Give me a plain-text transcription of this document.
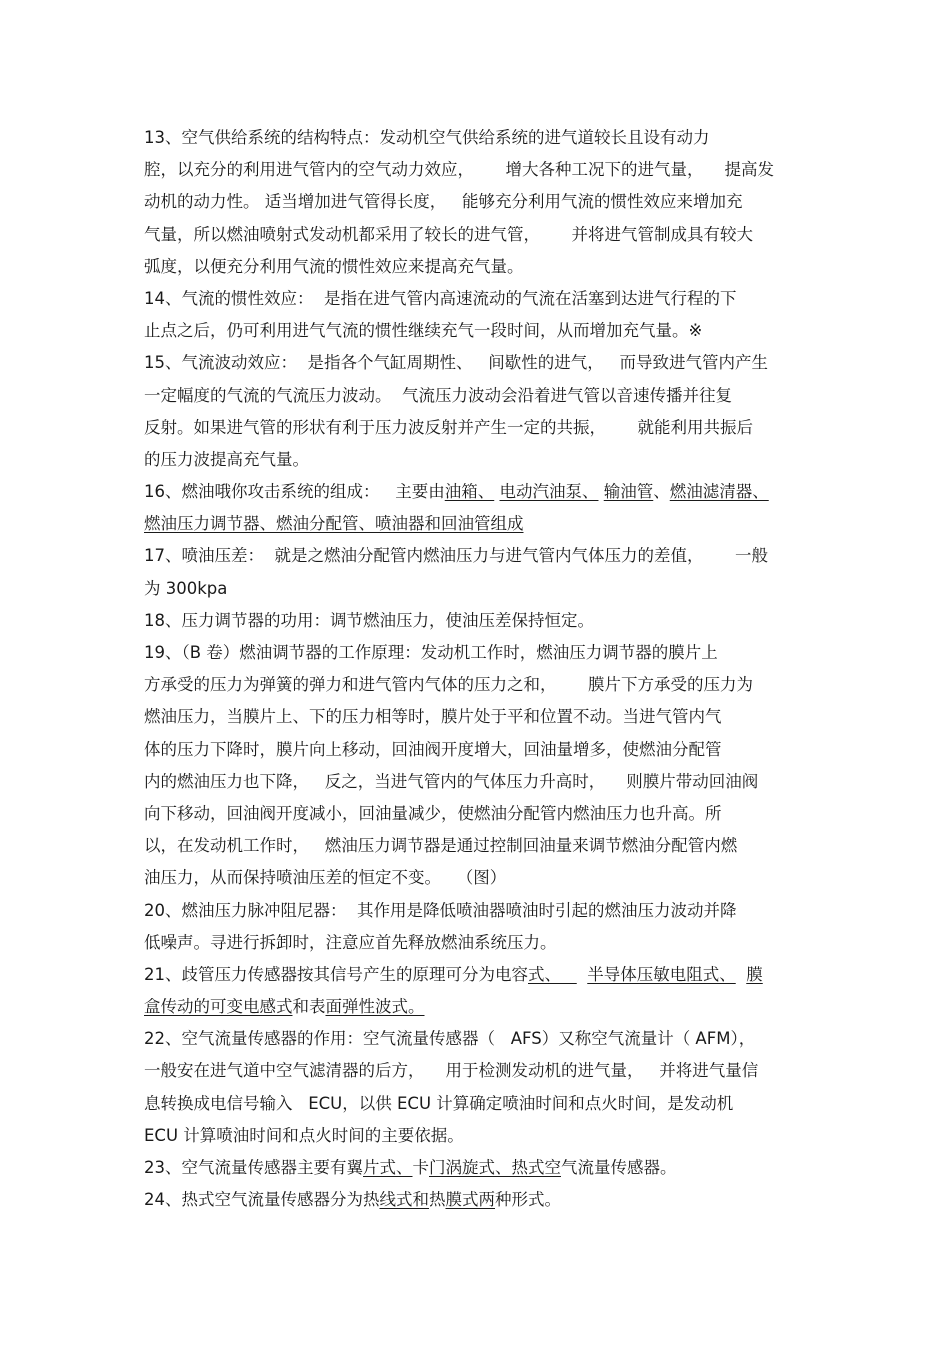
13、空气供给系统的结构特点：发动机空气供给系统的进气道较长且设有动力
腔，以充分的利用进气管内的空气动力效应，      增大各种工况下的进气量，    提高发
动机的动力性。 适当增加进气管得长度，   能够充分利用气流的惯性效应来增加充
气量，所以燃油喷射式发动机都采用了较长的进气管，      并将进气管制成具有较大
弧度，以便充分利用气流的惯性效应来提高充气量。
14、气流的惯性效应：  是指在进气管内高速流动的气流在活塞到达进气行程的下
止点之后，仍可利用进气气流的惯性继续充气一段时间，从而增加充气量。※
15、气流波动效应：  是指各个气缸周期性、   间歇性的进气，   而导致进气管内产生
一定幅度的气流的气流压力波动。  气流压力波动会沿着进气管以音速传播并往复
反射。如果进气管的形状有利于压力波反射并产生一定的共振，      就能利用共振后
的压力波提高充气量。
16、燃油哦你攻击系统的组成：   主要由油箱、 电动汽油泵、 输油管、燃油滤清器、
燃油压力调节器、燃油分配管、喷油器和回油管组成
17、喷油压差：  就是之燃油分配管内燃油压力与进气管内气体压力的差值，      一般
为 300kpa
18、压力调节器的功用：调节燃油压力，使油压差保持恒定。
19、（B 卷）燃油调节器的工作原理：发动机工作时，燃油压力调节器的膜片上
方承受的压力为弹簧的弹力和进气管内气体的压力之和，      膜片下方承受的压力为
燃油压力，当膜片上、下的压力相等时，膜片处于平和位置不动。当进气管内气
体的压力下降时，膜片向上移动，回油阀开度增大，回油量增多，使燃油分配管
内的燃油压力也下降，   反之，当进气管内的气体压力升高时，    则膜片带动回油阀
向下移动，回油阀开度减小，回油量减少，使燃油分配管内燃油压力也升高。所
以，在发动机工作时，   燃油压力调节器是通过控制回油量来调节燃油分配管内燃
油压力，从而保持喷油压差的恒定不变。   （图）
20、燃油压力脉冲阻尼器：  其作用是降低喷油器喷油时引起的燃油压力波动并降
低噪声。寻进行拆卸时，注意应首先释放燃油系统压力。
21、歧管压力传感器按其信号产生的原理可分为电容式、     半导体压敏电阻式、 膜
盒传动的可变电感式和表面弹性波式。
22、空气流量传感器的作用：空气流量传感器（   AFS）又称空气流量计（ AFM），
一般安在进气道中空气滤清器的后方，    用于检测发动机的进气量，   并将进气量信
息转换成电信号输入   ECU，以供 ECU 计算确定喷油时间和点火时间，是发动机
ECU 计算喷油时间和点火时间的主要依据。
23、空气流量传感器主要有翼片式、卡门涡旋式、热式空气流量传感器。
24、热式空气流量传感器分为热线式和热膜式两种形式。
